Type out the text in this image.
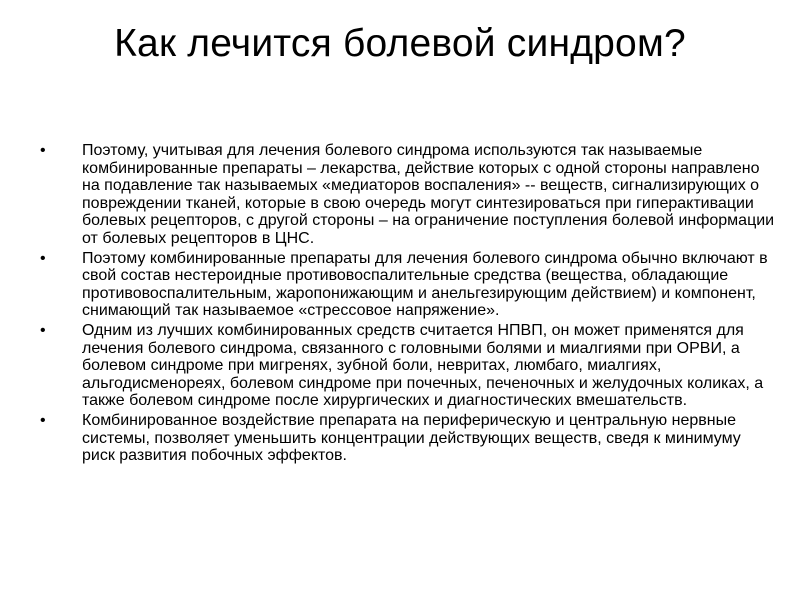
Как лечится болевой синдром?
• Поэтому, учитывая для лечения болевого синдрома используются так называемые комбинированные препараты – лекарства, действие которых с одной стороны направлено на подавление так называемых «медиаторов воспаления» -- веществ, сигнализирующих о повреждении тканей, которые в свою очередь могут синтезироваться при гиперактивации болевых рецепторов, с другой стороны – на ограничение поступления болевой информации от болевых рецепторов в ЦНС.
• Поэтому комбинированные препараты для лечения болевого синдрома обычно включают в свой состав нестероидные противовоспалительные средства (вещества, обладающие противовоспалительным, жаропонижающим и анельгезирующим действием) и компонент, снимающий так называемое «стрессовое напряжение».
• Одним из лучших комбинированных средств считается НПВП, он может применятся для лечения болевого синдрома, связанного с головными болями и миалгиями при ОРВИ, а болевом синдроме при мигренях, зубной боли, невритах, люмбаго, миалгиях, альгодисменореях, болевом синдроме при почечных, печеночных и желудочных коликах, а также болевом синдроме после хирургических и диагностических вмешательств.
• Комбинированное воздействие препарата на периферическую и центральную нервные системы, позволяет уменьшить концентрации действующих веществ, сведя к минимуму риск развития побочных эффектов.
